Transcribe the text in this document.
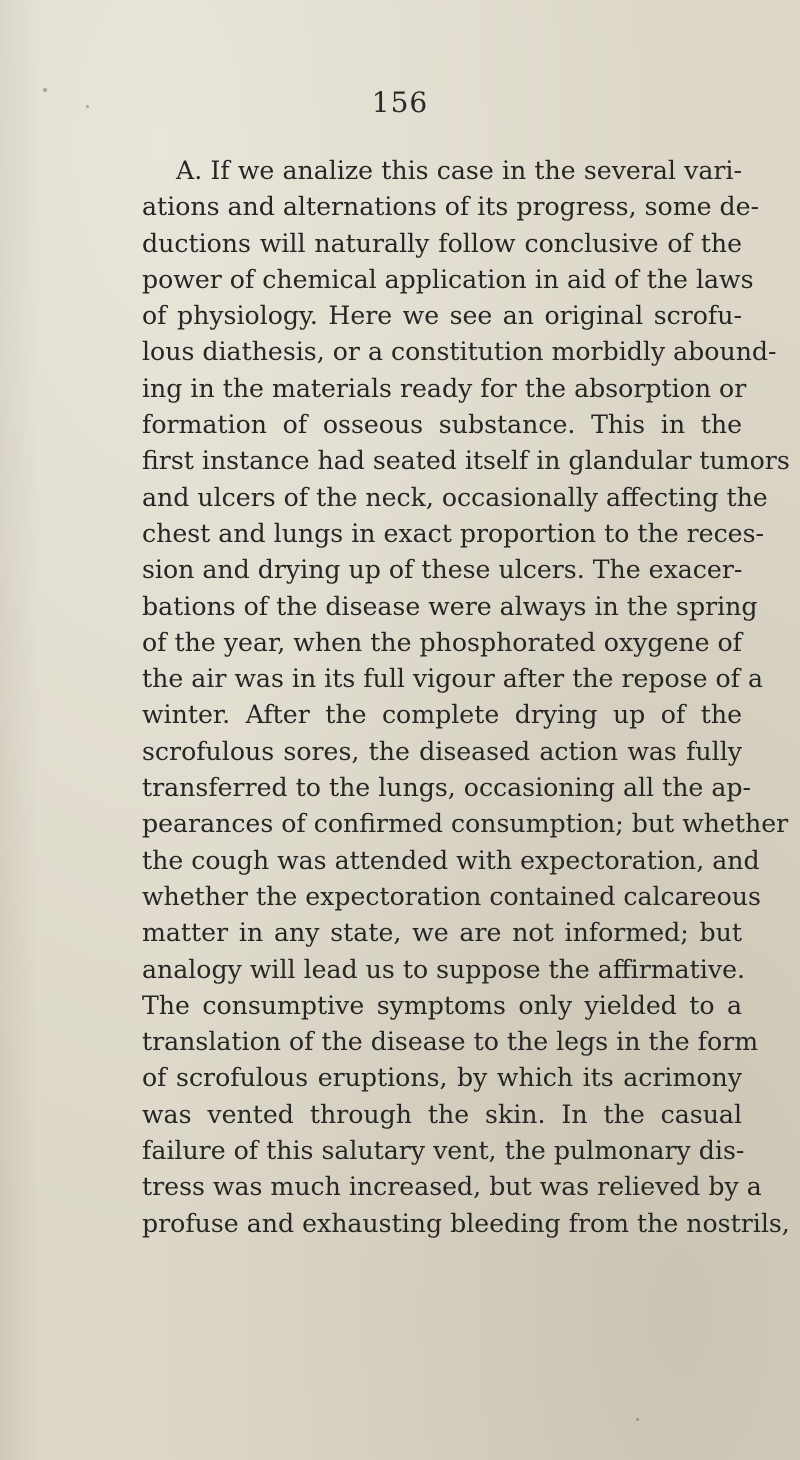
156
A. If we analize this case in the several vari-
ations and alternations of its progress, some de-
ductions will naturally follow conclusive of the
power of chemical application in aid of the laws
of physiology. Here we see an original scrofu-
lous diathesis, or a constitution morbidly abound-
ing in the materials ready for the absorption or
formation of osseous substance. This in the
first instance had seated itself in glandular tumors
and ulcers of the neck, occasionally affecting the
chest and lungs in exact proportion to the reces-
sion and drying up of these ulcers. The exacer-
bations of the disease were always in the spring
of the year, when the phosphorated oxygene of
the air was in its full vigour after the repose of a
winter. After the complete drying up of the
scrofulous sores, the diseased action was fully
transferred to the lungs, occasioning all the ap-
pearances of confirmed consumption; but whether
the cough was attended with expectoration, and
whether the expectoration contained calcareous
matter in any state, we are not informed; but
analogy will lead us to suppose the affirmative.
The consumptive symptoms only yielded to a
translation of the disease to the legs in the form
of scrofulous eruptions, by which its acrimony
was vented through the skin. In the casual
failure of this salutary vent, the pulmonary dis-
tress was much increased, but was relieved by a
profuse and exhausting bleeding from the nostrils,
